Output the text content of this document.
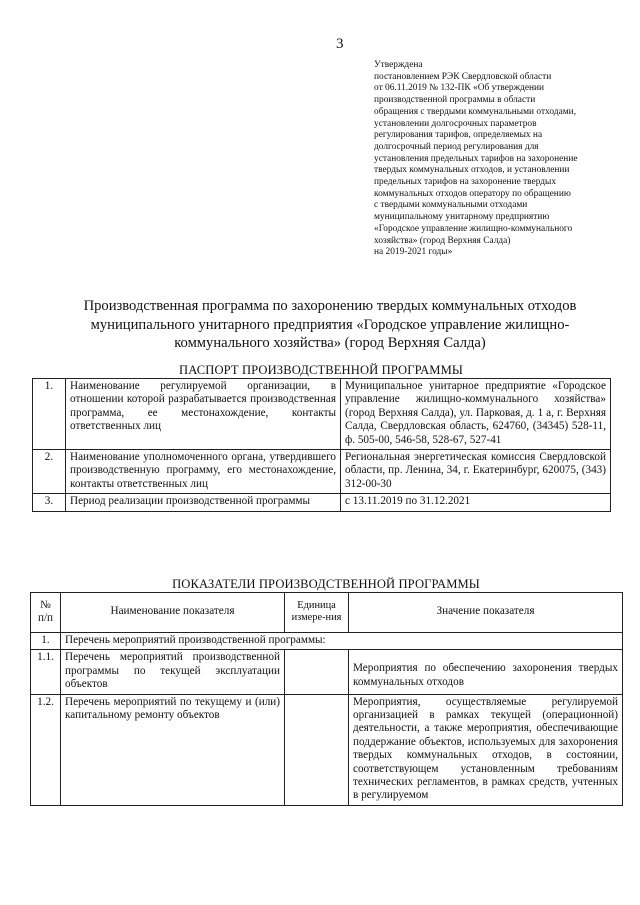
3
Утверждена
постановлением РЭК Свердловской области
от 06.11.2019 № 132-ПК «Об утверждении
производственной программы в области
обращения с твердыми коммунальными отходами,
установлении долгосрочных параметров
регулирования тарифов, определяемых на
долгосрочный период регулирования для
установления предельных тарифов на захоронение
твердых коммунальных отходов, и установлении
предельных тарифов на захоронение твердых
коммунальных отходов оператору по обращению
с твердыми коммунальными отходами
муниципальному унитарному предприятию
«Городское управление жилищно-коммунального
хозяйства» (город Верхняя Салда)
на 2019-2021 годы»
Производственная программа по захоронению твердых коммунальных отходов
муниципального унитарного предприятия «Городское управление жилищно-
коммунального хозяйства» (город Верхняя Салда)
ПАСПОРТ ПРОИЗВОДСТВЕННОЙ ПРОГРАММЫ
1.	Наименование регулируемой организации, в отношении которой разрабатывается производственная программа, ее местонахождение, контакты ответственных лиц	Муниципальное унитарное предприятие «Городское управление жилищно-коммунального хозяйства» (город Верхняя Салда), ул. Парковая, д. 1 а, г. Верхняя Салда, Свердловская область, 624760, (34345) 528-11, ф. 505-00, 546-58, 528-67, 527-41
2.	Наименование уполномоченного органа, утвердившего производственную программу, его местонахождение, контакты ответственных лиц	Региональная энергетическая комиссия Свердловской области, пр. Ленина, 34, г. Екатеринбург, 620075, (343) 312-00-30
3.	Период реализации производственной программы	с 13.11.2019 по 31.12.2021
ПОКАЗАТЕЛИ ПРОИЗВОДСТВЕННОЙ ПРОГРАММЫ
№ п/п	Наименование показателя	Единица измере-ния	Значение показателя
1.	Перечень мероприятий производственной программы:		
1.1.	Перечень мероприятий производственной программы по текущей эксплуатации объектов		Мероприятия по обеспечению захоронения твердых коммунальных отходов
1.2.	Перечень мероприятий по текущему и (или) капитальному ремонту объектов		Мероприятия, осуществляемые регулируемой организацией в рамках текущей (операционной) деятельности, а также мероприятия, обеспечивающие поддержание объектов, используемых для захоронения твердых коммунальных отходов, в состоянии, соответствующем установленным требованиям технических регламентов, в рамках средств, учтенных в регулируемом
